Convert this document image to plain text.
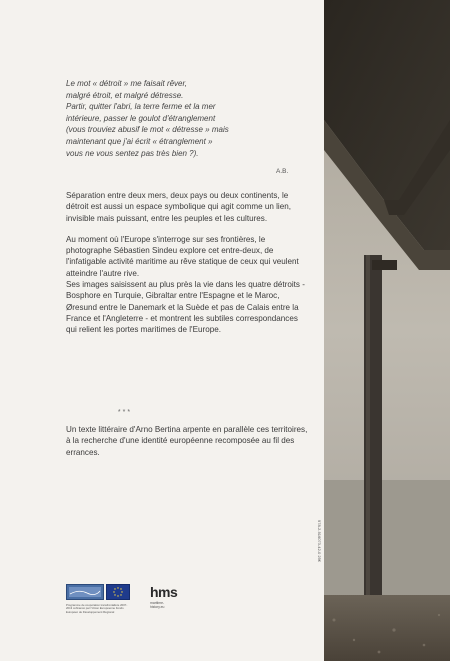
Le mot « détroit » me faisait rêver,
malgré étroit, et malgré détresse.
Partir, quitter l'abri, la terre ferme et la mer
intérieure, passer le goulot d'étranglement
(vous trouviez abusif le mot « détresse » mais
maintenant que j'ai écrit « étranglement »
vous ne vous sentez pas très bien ?).
A.B.

Séparation entre deux mers, deux pays ou deux continents, le détroit est aussi un espace symbolique qui agit comme un lien, invisible mais puissant, entre les peuples et les cultures.

Au moment où l'Europe s'interroge sur ses frontières, le photographe Sébastien Sindeu explore cet entre-deux, de l'infatigable activité maritime au rêve statique de ceux qui veulent atteindre l'autre rive.

Ses images saisissent au plus près la vie dans les quatre détroits - Bosphore en Turquie, Gibraltar entre l'Espagne et le Maroc, Øresund entre le Danemark et la Suède et pas de Calais entre la France et l'Angleterre - et montrent les subtiles correspondances qui relient les portes maritimes de l'Europe.

***
Un texte littéraire d'Arno Bertina arpente en parallèle ces territoires, à la recherche d'une identité européenne recomposée au fil des errances.
Programme de coopération transfrontalière 2007-2013 cofinancé par l'Union Européenne Fonds Européen de Développement Régional
hms
maritime-history.eu
978-2-916073-42-0 25€
